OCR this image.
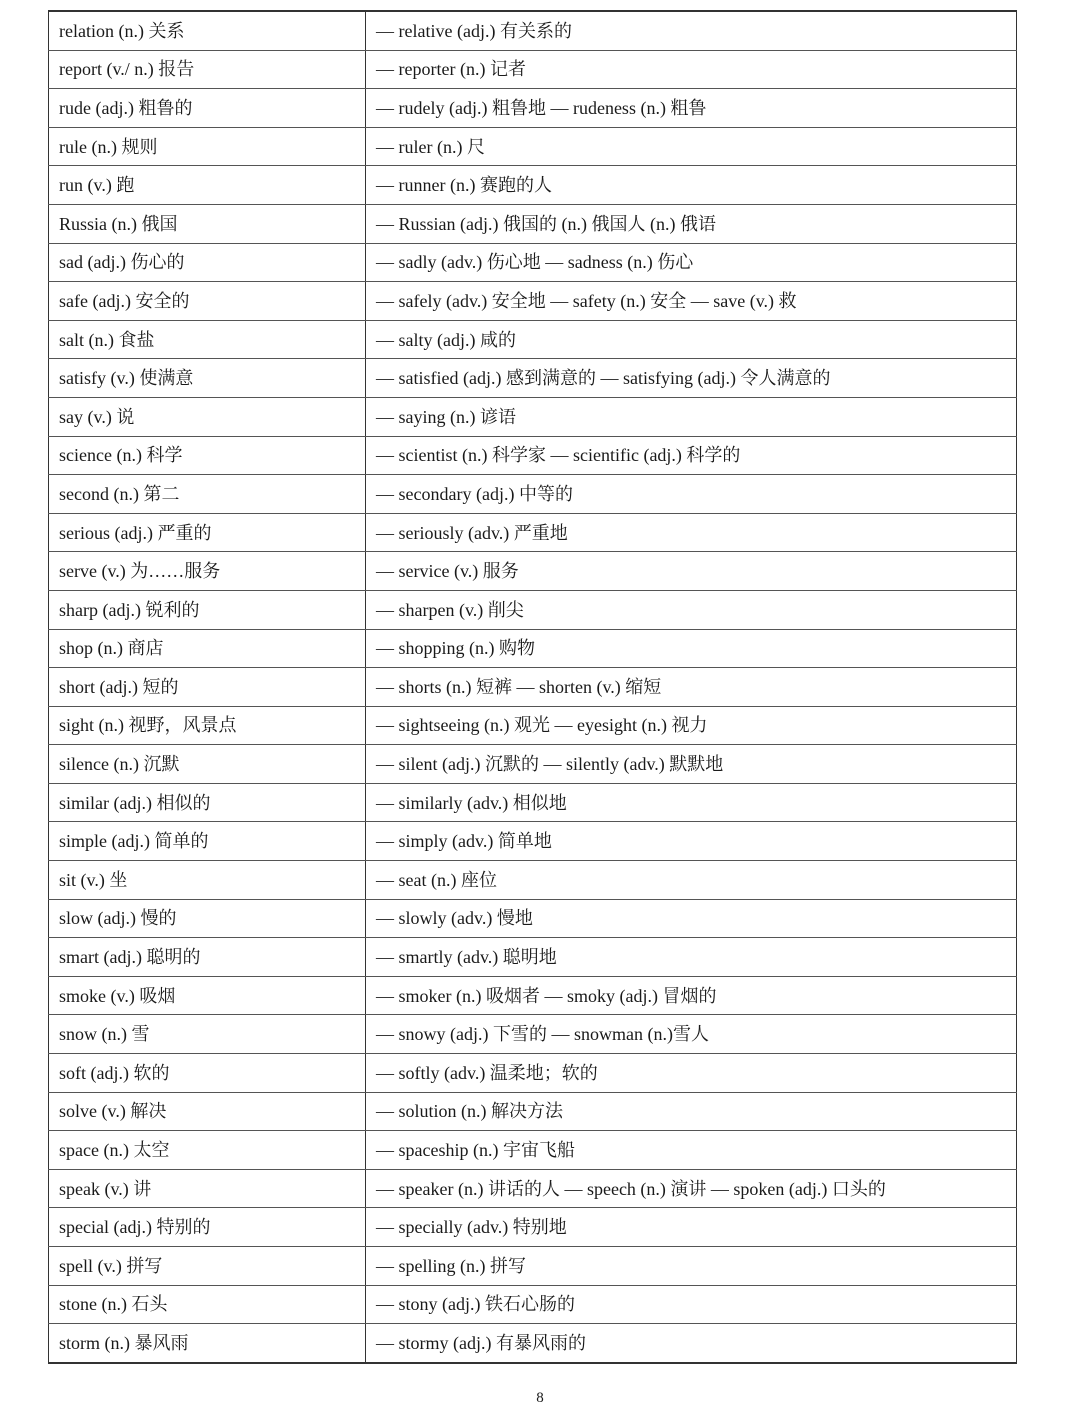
relation (n.) 关系	— relative (adj.) 有关系的
report (v./ n.) 报告	— reporter (n.) 记者
rude (adj.) 粗鲁的	— rudely (adj.) 粗鲁地 — rudeness (n.) 粗鲁
rule (n.) 规则	— ruler (n.) 尺
run (v.) 跑	— runner (n.) 赛跑的人
Russia (n.) 俄国	— Russian (adj.) 俄国的 (n.) 俄国人 (n.) 俄语
sad (adj.) 伤心的	— sadly (adv.) 伤心地 — sadness (n.) 伤心
safe (adj.) 安全的	— safely (adv.) 安全地 — safety (n.) 安全 — save (v.) 救
salt (n.) 食盐	— salty (adj.) 咸的
satisfy (v.) 使满意	— satisfied (adj.) 感到满意的 — satisfying (adj.) 令人满意的
say (v.) 说	— saying (n.) 谚语
science (n.) 科学	— scientist (n.) 科学家 — scientific (adj.) 科学的
second (n.) 第二	— secondary (adj.) 中等的
serious (adj.) 严重的	— seriously (adv.) 严重地
serve (v.) 为……服务	— service (v.) 服务
sharp (adj.) 锐利的	— sharpen (v.) 削尖
shop (n.) 商店	— shopping (n.) 购物
short (adj.) 短的	— shorts (n.) 短裤 — shorten (v.) 缩短
sight (n.) 视野，风景点	— sightseeing (n.) 观光 — eyesight (n.) 视力
silence (n.) 沉默	— silent (adj.) 沉默的 — silently (adv.) 默默地
similar (adj.) 相似的	— similarly (adv.) 相似地
simple (adj.) 简单的	— simply (adv.) 简单地
sit (v.) 坐	— seat (n.) 座位
slow (adj.) 慢的	— slowly (adv.) 慢地
smart (adj.) 聪明的	— smartly (adv.) 聪明地
smoke (v.) 吸烟	— smoker (n.) 吸烟者 — smoky (adj.) 冒烟的
snow (n.) 雪	— snowy (adj.) 下雪的 — snowman (n.)雪人
soft (adj.) 软的	— softly (adv.) 温柔地；软的
solve (v.) 解决	— solution (n.) 解决方法
space (n.) 太空	— spaceship (n.) 宇宙飞船
speak (v.) 讲	— speaker (n.) 讲话的人 — speech (n.) 演讲 — spoken (adj.) 口头的
special (adj.) 特别的	— specially (adv.) 特别地
spell (v.) 拼写	— spelling (n.) 拼写
stone (n.) 石头	— stony (adj.) 铁石心肠的
storm (n.) 暴风雨	— stormy (adj.) 有暴风雨的
8
